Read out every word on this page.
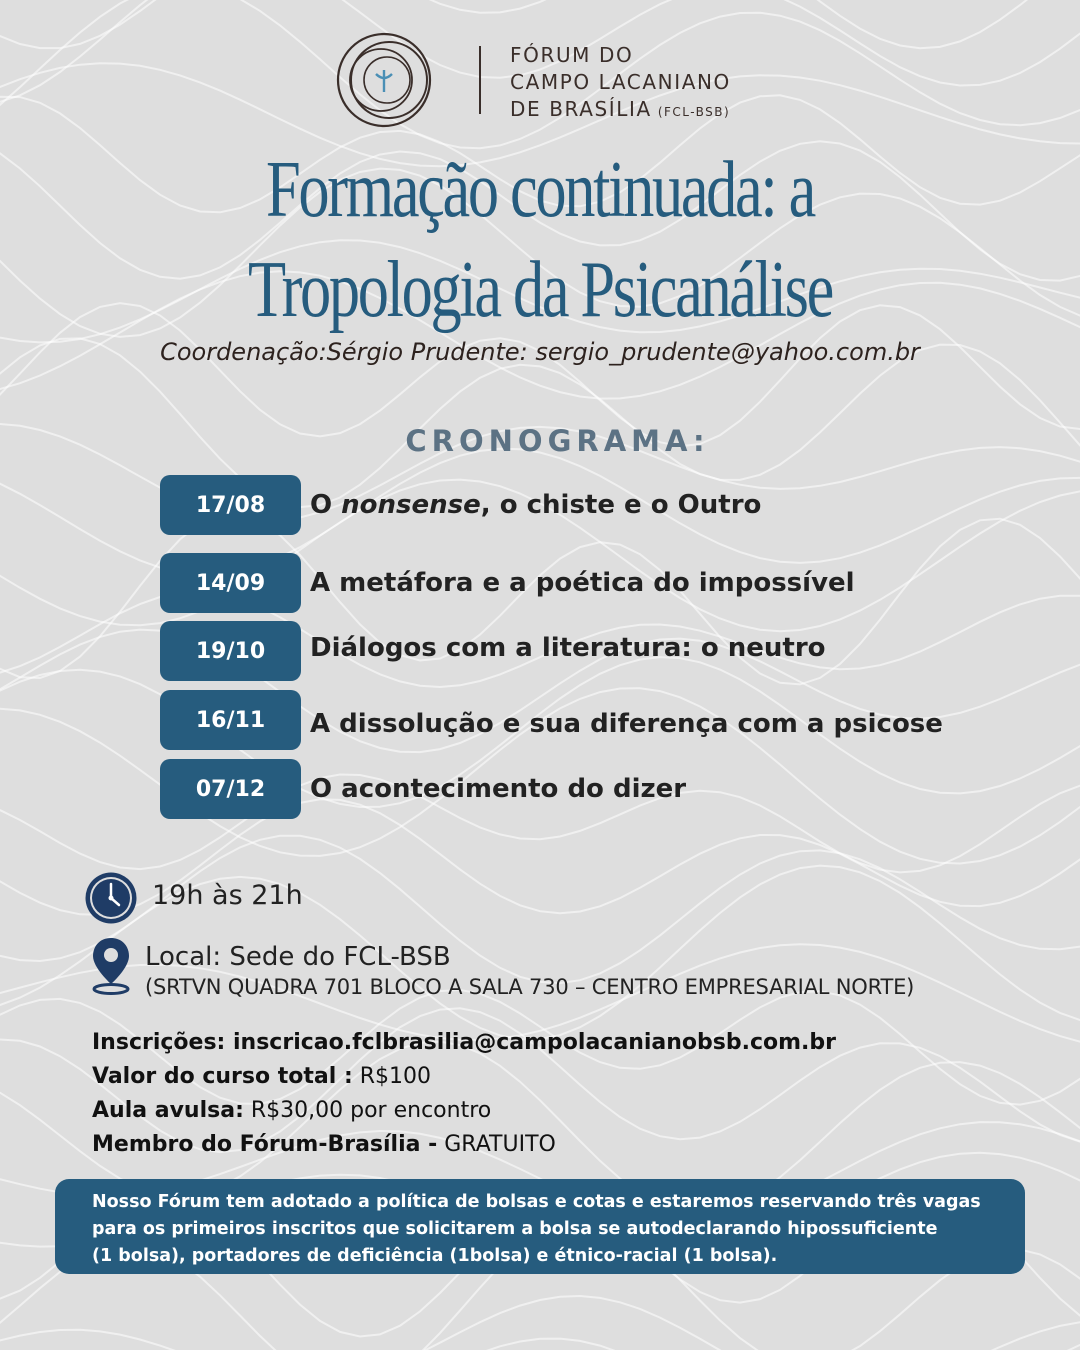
FÓRUM DO
CAMPO LACANIANO
DE BRASÍLIA (FCL-BSB)
Formação continuada: a
Tropologia da Psicanálise
Coordenação:Sérgio Prudente: sergio_prudente@yahoo.com.br
CRONOGRAMA:
17/08	O nonsense, o chiste e o Outro
14/09	A metáfora e a poética do impossível
19/10	Diálogos com a literatura: o neutro
16/11	A dissolução e sua diferença com a psicose
07/12	O acontecimento do dizer
19h às 21h
Local: Sede do FCL-BSB
(SRTVN QUADRA 701 BLOCO A SALA 730 – CENTRO EMPRESARIAL NORTE)
Inscrições: inscricao.fclbrasilia@campolacanianobsb.com.br
Valor do curso total : R$100
Aula avulsa: R$30,00 por encontro
Membro do Fórum-Brasília - GRATUITO
Nosso Fórum tem adotado a política de bolsas e cotas e estaremos reservando três vagas
para os primeiros inscritos que solicitarem a bolsa se autodeclarando hipossuficiente
(1 bolsa), portadores de deficiência (1bolsa) e étnico-racial (1 bolsa).
